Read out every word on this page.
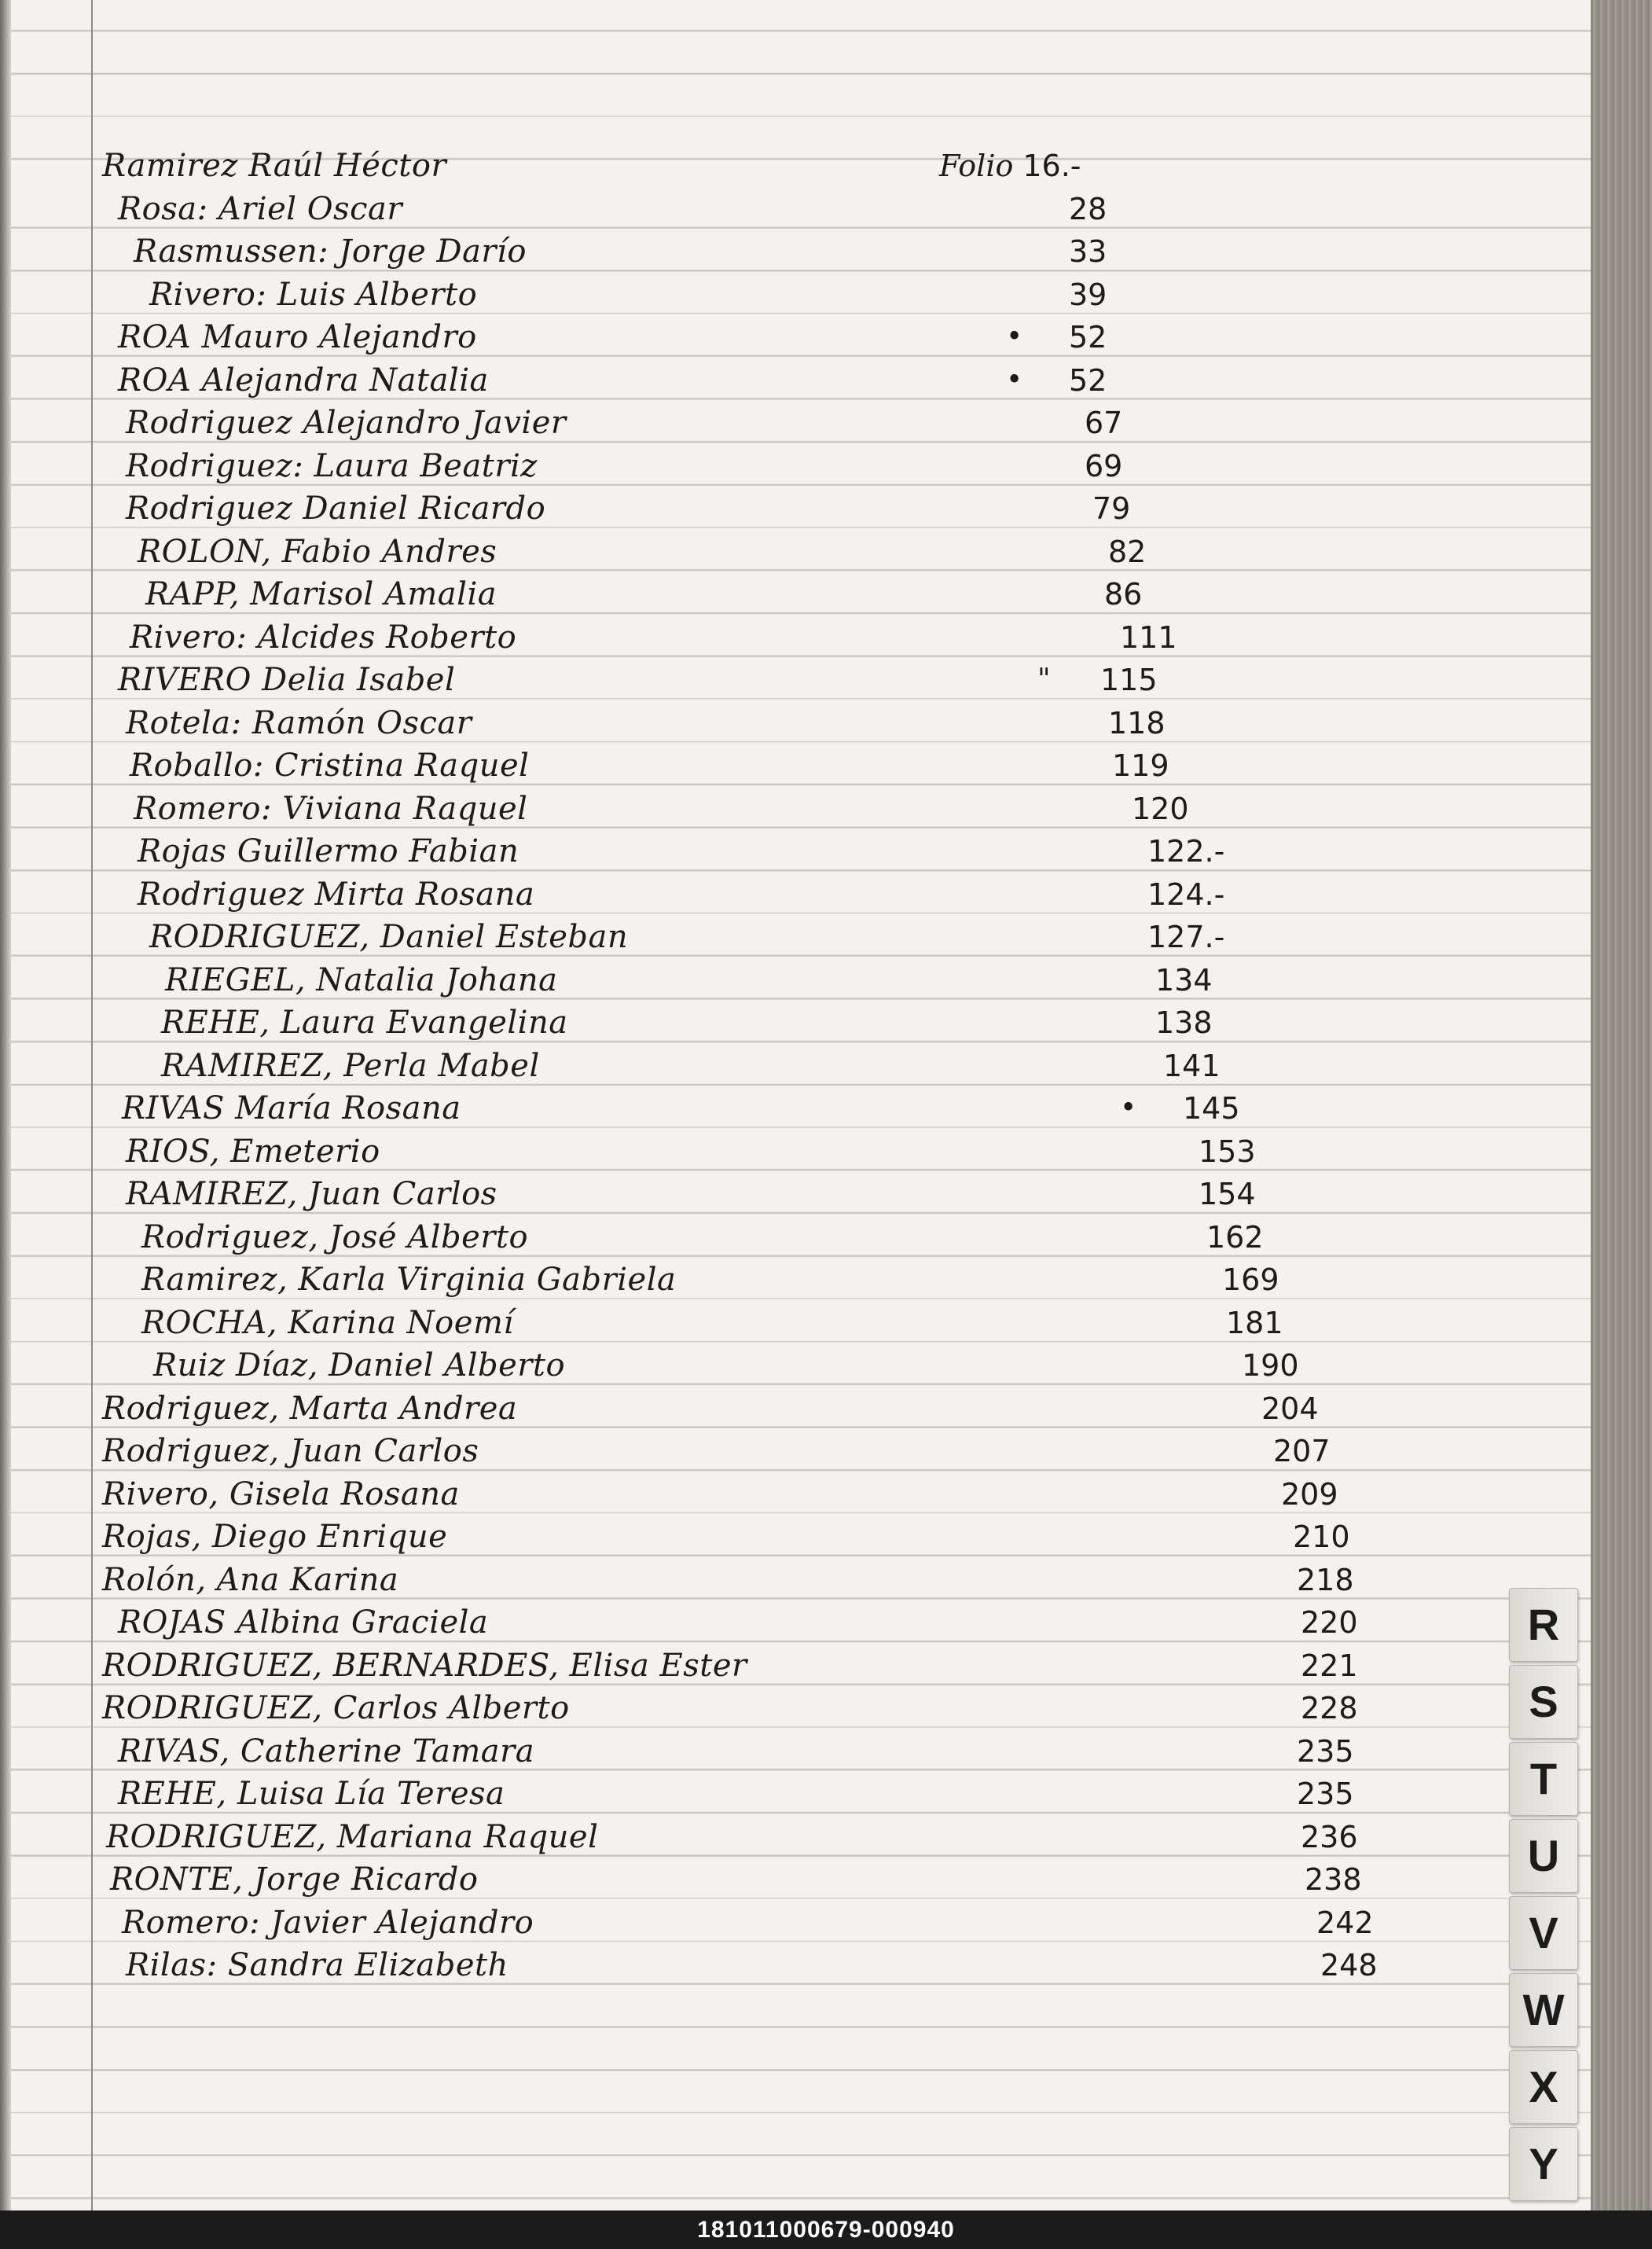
Ramirez Raúl Héctor	Folio 16.-
Rosa: Ariel Oscar	28
Rasmussen: Jorge Darío	33
Rivero: Luis Alberto	39
ROA Mauro Alejandro	• 52
ROA Alejandra Natalia	• 52
Rodriguez Alejandro Javier	67
Rodriguez: Laura Beatriz	69
Rodriguez Daniel Ricardo	79
ROLON, Fabio Andres	82
RAPP, Marisol Amalia	86
Rivero: Alcides Roberto	111
RIVERO Delia Isabel	" 115
Rotela: Ramón Oscar	118
Roballo: Cristina Raquel	119
Romero: Viviana Raquel	120
Rojas Guillermo Fabian	122.-
Rodriguez Mirta Rosana	124.-
RODRIGUEZ, Daniel Esteban	127.-
RIEGEL, Natalia Johana	134
REHE, Laura Evangelina	138
RAMIREZ, Perla Mabel	141
RIVAS María Rosana	• 145
RIOS, Emeterio	153
RAMIREZ, Juan Carlos	154
Rodriguez, José Alberto	162
Ramirez, Karla Virginia Gabriela	169
ROCHA, Karina Noemí	181
Ruiz Díaz, Daniel Alberto	190
Rodriguez, Marta Andrea	204
Rodriguez, Juan Carlos	207
Rivero, Gisela Rosana	209
Rojas, Diego Enrique	210
Rolón, Ana Karina	218
ROJAS Albina Graciela	220
RODRIGUEZ, BERNARDES, Elisa Ester	221
RODRIGUEZ, Carlos Alberto	228
RIVAS, Catherine Tamara	235
REHE, Luisa Lía Teresa	235
RODRIGUEZ, Mariana Raquel	236
RONTE, Jorge Ricardo	238
Romero: Javier Alejandro	242
Rilas: Sandra Elizabeth	248
R
S
T
U
V
W
X
Y
181011000679-000940
